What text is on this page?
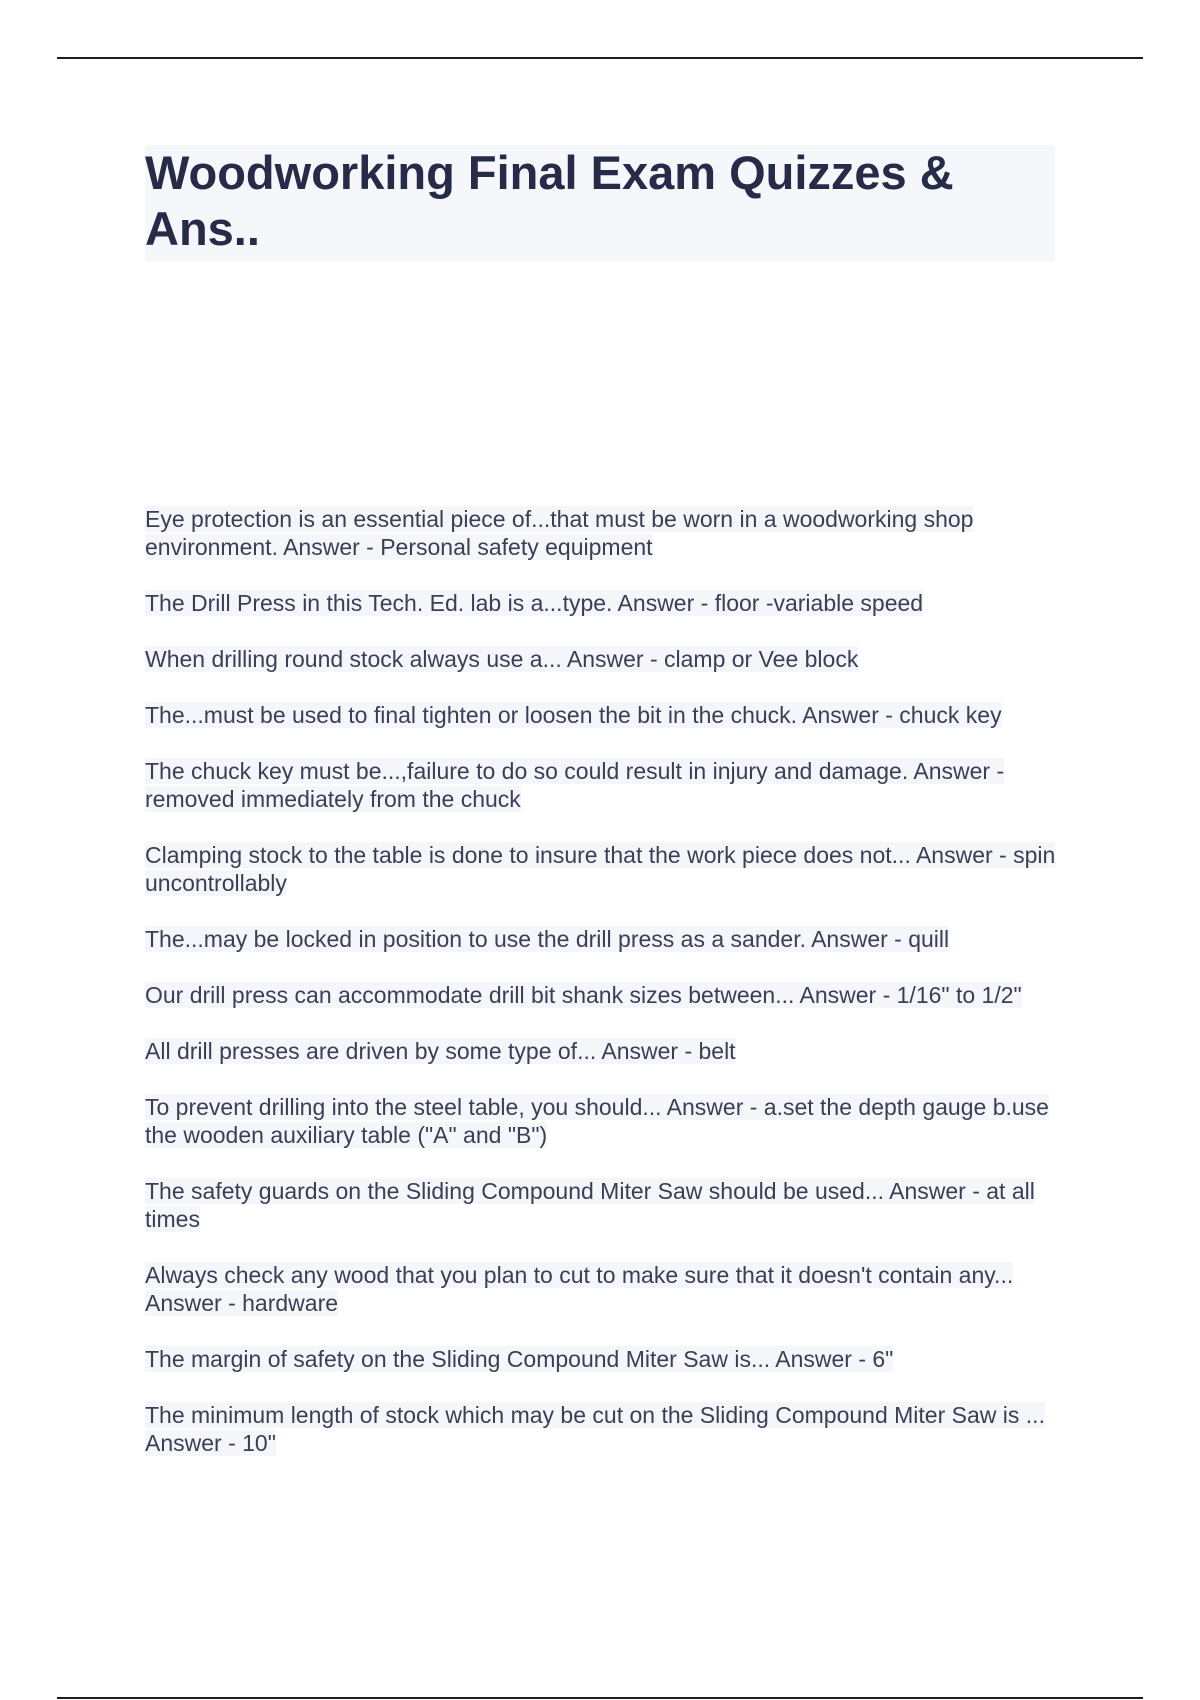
Woodworking Final Exam Quizzes & Ans..

Eye protection is an essential piece of...that must be worn in a woodworking shop environment. Answer - Personal safety equipment

The Drill Press in this Tech. Ed. lab is a...type. Answer - floor -variable speed

When drilling round stock always use a... Answer - clamp or Vee block

The...must be used to final tighten or loosen the bit in the chuck. Answer - chuck key

The chuck key must be...,failure to do so could result in injury and damage. Answer - removed immediately from the chuck

Clamping stock to the table is done to insure that the work piece does not... Answer - spin uncontrollably

The...may be locked in position to use the drill press as a sander. Answer - quill

Our drill press can accommodate drill bit shank sizes between... Answer - 1/16" to 1/2"

All drill presses are driven by some type of... Answer - belt

To prevent drilling into the steel table, you should... Answer - a.set the depth gauge b.use the wooden auxiliary table ("A" and "B")

The safety guards on the Sliding Compound Miter Saw should be used... Answer - at all times

Always check any wood that you plan to cut to make sure that it doesn't contain any... Answer - hardware

The margin of safety on the Sliding Compound Miter Saw is... Answer - 6"

The minimum length of stock which may be cut on the Sliding Compound Miter Saw is ... Answer - 10"
